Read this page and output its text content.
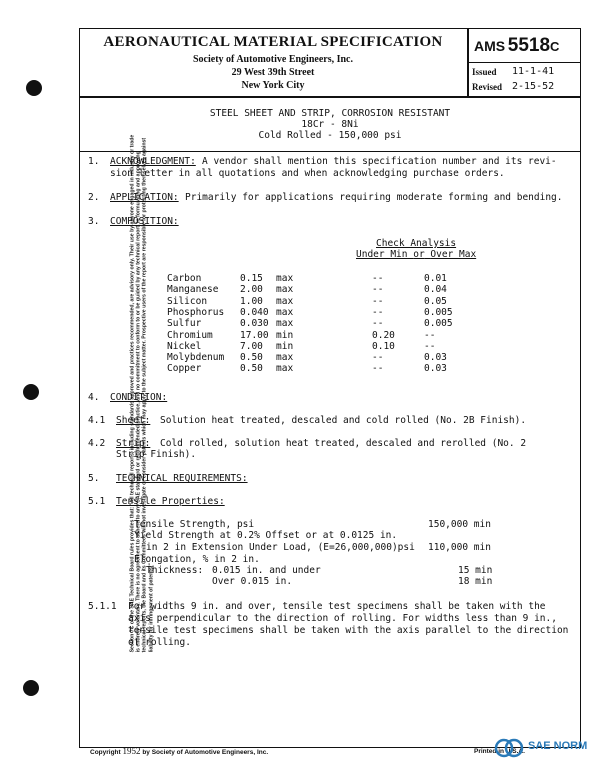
Section 7C of the SAE Technical Board rules provides that: "All technical reports, including standards approved and practices recommended, are advisory only. Their use by anyone engaged in industry or trade is entirely voluntary. There is no agreement to adhere to any SAE standard or recommended practice, and no commitment to conform to or be guided by any technical report. In formulating and approving technical reports, the Board and its Committees will not investigate or consider patents which may apply to the subject matter. Prospective users of the report are responsible for protecting themselves against liability for infringement of patents."
AERONAUTICAL MATERIAL SPECIFICATION
Society of Automotive Engineers, Inc.
29 West 39th Street
New York City
AMS 5518C
Issued 11-1-41
Revised 2-15-52
STEEL SHEET AND STRIP, CORROSION RESISTANT
18Cr - 8Ni
Cold Rolled - 150,000 psi
1. ACKNOWLEDGMENT: A vendor shall mention this specification number and its revi-
sion letter in all quotations and when acknowledging purchase orders.
2. APPLICATION: Primarily for applications requiring moderate forming and bending.
3. COMPOSITION:
Check Analysis
Under Min or Over Max
Carbon	0.15 max	--	0.01
Manganese 2.00 max	--	0.04
Silicon	1.00 max	--	0.05
Phosphorus 0.040 max	--	0.005
Sulfur	0.030 max	--	0.005
Chromium	17.00 min	0.20	--
Nickel	7.00 min	0.10	--
Molybdenum 0.50 max	--	0.03
Copper	0.50 max	--	0.03
4. CONDITION:
4.1 Sheet: Solution heat treated, descaled and cold rolled (No. 2B Finish).
4.2 Strip: Cold rolled, solution heat treated, descaled and rerolled (No. 2
Strip Finish).
5. TECHNICAL REQUIREMENTS:
5.1 Tensile Properties:
Tensile Strength, psi	150,000 min
Yield Strength at 0.2% Offset or at 0.0125 in.
in 2 in Extension Under Load, (E=26,000,000)psi 110,000 min
Elongation, % in 2 in.
Thickness: 0.015 in. and under	15 min
Over 0.015 in.	18 min
5.1.1 For widths 9 in. and over, tensile test specimens shall be taken with the
axis perpendicular to the direction of rolling. For widths less than 9 in.,
tensile test specimens shall be taken with the axis parallel to the direction
of rolling.
Copyright 1952 by Society of Automotive Engineers, Inc.	Printed in U.S.A. SAE NORM
